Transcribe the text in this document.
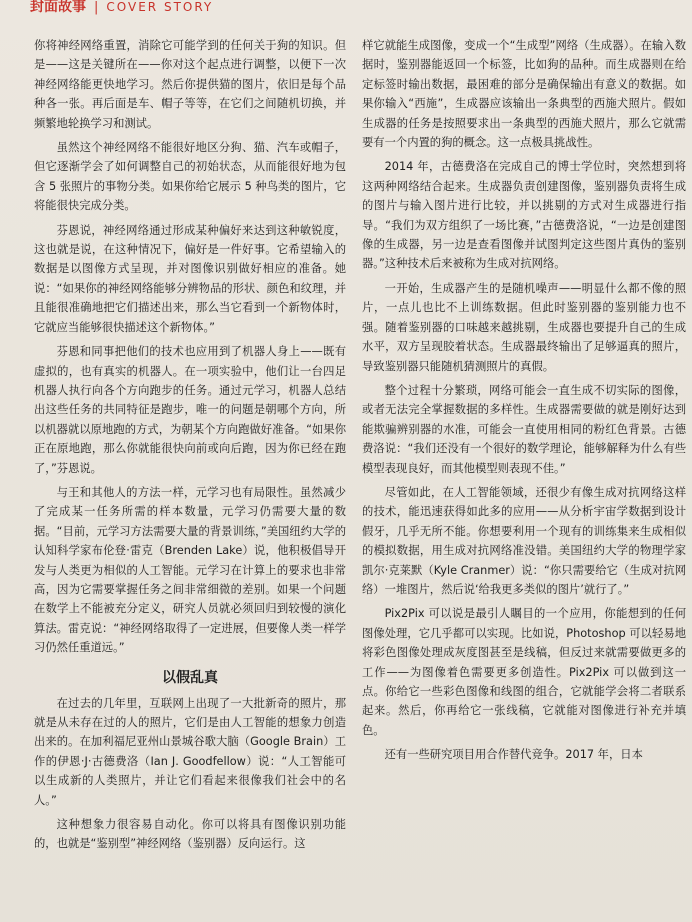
封面故事 | COVER STORY

你将神经网络重置，消除它可能学到的任何关于狗的知识。但是——这是关键所在——你对这个起点进行调整，以便下一次神经网络能更快地学习。然后你提供猫的图片，依旧是每个品种各一张。再后面是车、帽子等等，在它们之间随机切换，并频繁地轮换学习和测试。

虽然这个神经网络不能很好地区分狗、猫、汽车或帽子，但它逐渐学会了如何调整自己的初始状态，从而能很好地为包含 5 张照片的事物分类。如果你给它展示 5 种鸟类的图片，它将能很快完成分类。

芬恩说，神经网络通过形成某种偏好来达到这种敏锐度，这也就是说，在这种情况下，偏好是一件好事。它希望输入的数据是以图像方式呈现，并对图像识别做好相应的准备。她说：“如果你的神经网络能够分辨物品的形状、颜色和纹理，并且能很准确地把它们描述出来，那么当它看到一个新物体时，它就应当能够很快描述这个新物体。”

芬恩和同事把他们的技术也应用到了机器人身上——既有虚拟的，也有真实的机器人。在一项实验中，他们让一台四足机器人执行向各个方向跑步的任务。通过元学习，机器人总结出这些任务的共同特征是跑步，唯一的问题是朝哪个方向，所以机器就以原地跑的方式，为朝某个方向跑做好准备。“如果你正在原地跑，那么你就能很快向前或向后跑，因为你已经在跑了，”芬恩说。

与王和其他人的方法一样，元学习也有局限性。虽然减少了完成某一任务所需的样本数量，元学习仍需要大量的数据。“目前，元学习方法需要大量的背景训练，”美国纽约大学的认知科学家布伦登·雷克（Brenden Lake）说，他积极倡导开发与人类更为相似的人工智能。元学习在计算上的要求也非常高，因为它需要掌握任务之间非常细微的差别。如果一个问题在数学上不能被充分定义，研究人员就必须回归到较慢的演化算法。雷克说：“神经网络取得了一定进展，但要像人类一样学习仍然任重道远。”

以假乱真

在过去的几年里，互联网上出现了一大批新奇的照片，那就是从未存在过的人的照片，它们是由人工智能的想象力创造出来的。在加利福尼亚州山景城谷歌大脑（Google Brain）工作的伊恩·J·古德费洛（Ian J. Goodfellow）说：“人工智能可以生成新的人类照片，并让它们看起来很像我们社会中的名人。”

这种想象力很容易自动化。你可以将具有图像识别功能的，也就是“鉴别型”神经网络（鉴别器）反向运行。这

样它就能生成图像，变成一个“生成型”网络（生成器）。在输入数据时，鉴别器能返回一个标签，比如狗的品种。而生成器则在给定标签时输出数据，最困难的部分是确保输出有意义的数据。如果你输入“西施”，生成器应该输出一条典型的西施犬照片。假如生成器的任务是按照要求出一条典型的西施犬照片，那么它就需要有一个内置的狗的概念。这一点极具挑战性。

2014 年，古德费洛在完成自己的博士学位时，突然想到将这两种网络结合起来。生成器负责创建图像，鉴别器负责将生成的图片与输入图片进行比较，并以挑剔的方式对生成器进行指导。“我们为双方组织了一场比赛，”古德费洛说，“一边是创建图像的生成器，另一边是查看图像并试图判定这些图片真伪的鉴别器。”这种技术后来被称为生成对抗网络。

一开始，生成器产生的是随机噪声——明显什么都不像的照片，一点儿也比不上训练数据。但此时鉴别器的鉴别能力也不强。随着鉴别器的口味越来越挑剔，生成器也要提升自己的生成水平，双方呈现胶着状态。生成器最终输出了足够逼真的照片，导致鉴别器只能随机猜测照片的真假。

整个过程十分繁琐，网络可能会一直生成不切实际的图像，或者无法完全掌握数据的多样性。生成器需要做的就是刚好达到能欺骗辨别器的水准，可能会一直使用相同的粉红色背景。古德费洛说：“我们还没有一个很好的数学理论，能够解释为什么有些模型表现良好，而其他模型则表现不佳。”

尽管如此，在人工智能领域，还很少有像生成对抗网络这样的技术，能迅速获得如此多的应用——从分析宇宙学数据到设计假牙，几乎无所不能。你想要利用一个现有的训练集来生成相似的模拟数据，用生成对抗网络准没错。美国纽约大学的物理学家凯尔·克莱默（Kyle Cranmer）说：“你只需要给它（生成对抗网络）一堆图片，然后说‘给我更多类似的图片’就行了。”

Pix2Pix 可以说是最引人瞩目的一个应用，你能想到的任何图像处理，它几乎都可以实现。比如说，Photoshop 可以轻易地将彩色图像处理成灰度图甚至是线稿，但反过来就需要做更多的工作——为图像着色需要更多创造性。Pix2Pix 可以做到这一点。你给它一些彩色图像和线图的组合，它就能学会将二者联系起来。然后，你再给它一张线稿，它就能对图像进行补充并填色。

还有一些研究项目用合作替代竞争。2017 年，日本
